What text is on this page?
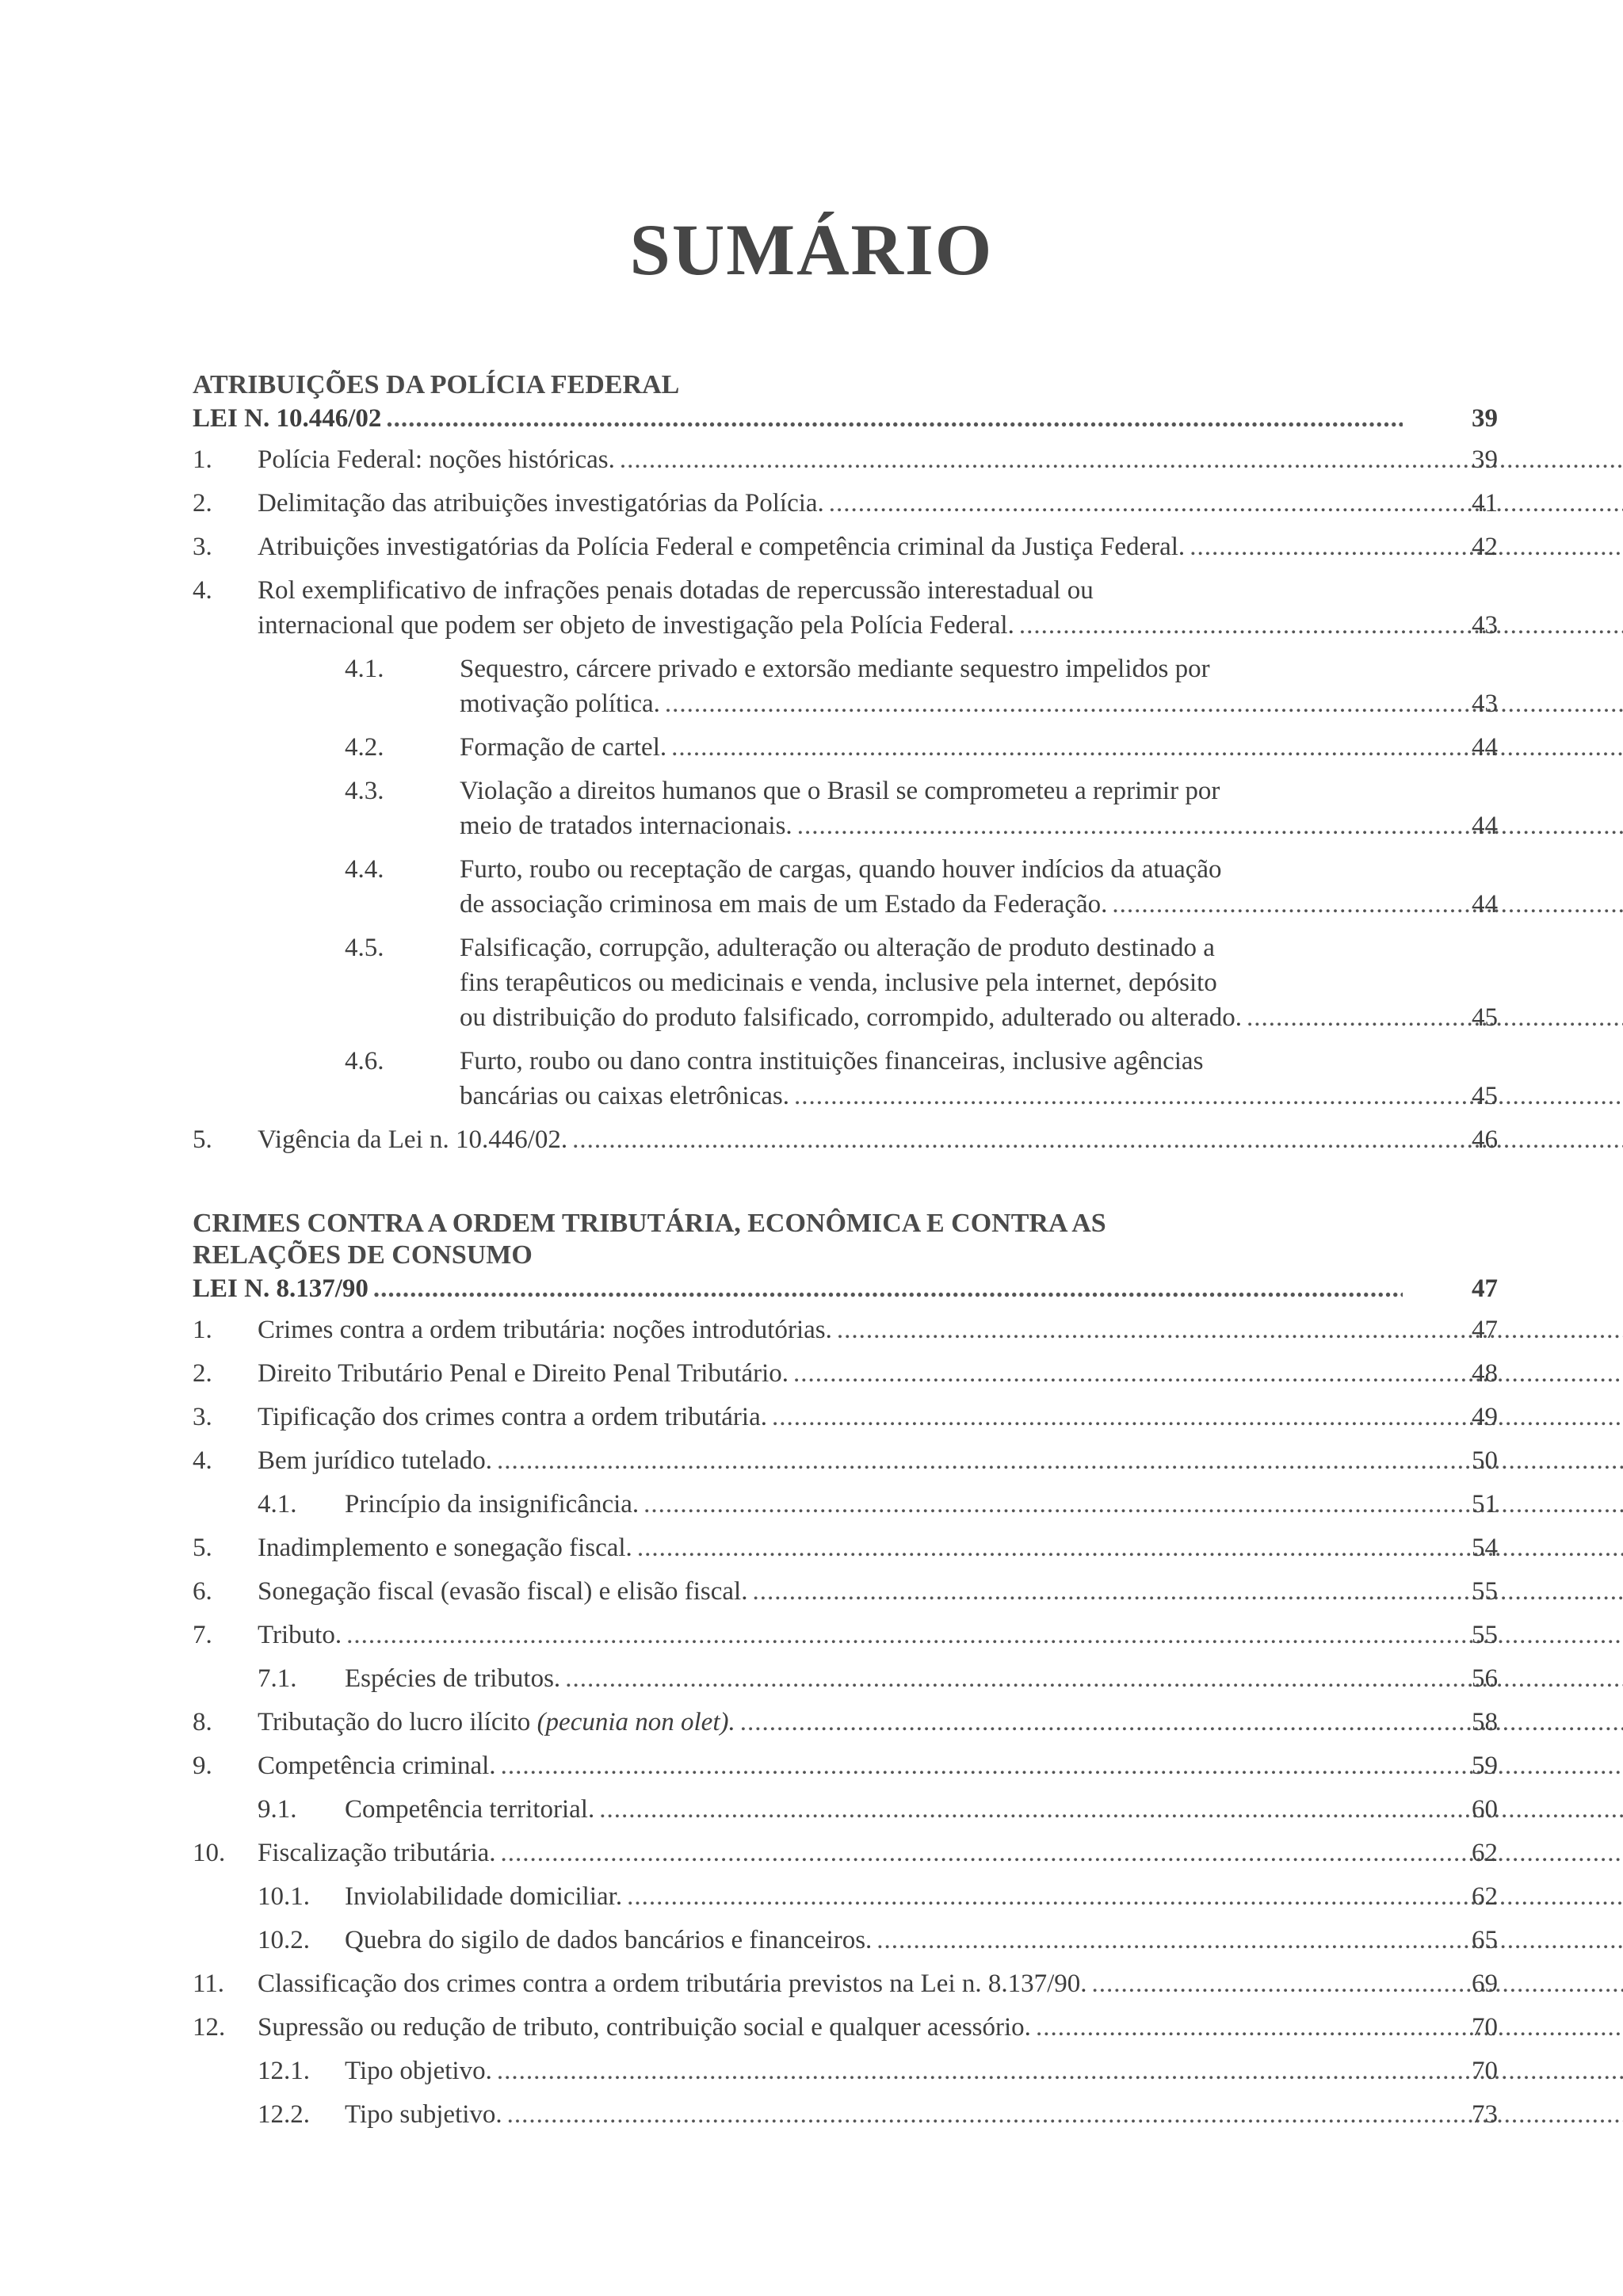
SUMÁRIO
ATRIBUIÇÕES DA POLÍCIA FEDERAL
LEI N. 10.446/02 .....	39
1. Polícia Federal: noções históricas. .....	39
2. Delimitação das atribuições investigatórias da Polícia. .....	41
3. Atribuições investigatórias da Polícia Federal e competência criminal da Justiça Federal. .....	42
4. Rol exemplificativo de infrações penais dotadas de repercussão interestadual ou
internacional que podem ser objeto de investigação pela Polícia Federal. .....	43
4.1.	Sequestro, cárcere privado e extorsão mediante sequestro impelidos por
motivação política. .....	43
4.2.	Formação de cartel. .....	44
4.3.	Violação a direitos humanos que o Brasil se comprometeu a reprimir por
meio de tratados internacionais. .....	44
4.4.	Furto, roubo ou receptação de cargas, quando houver indícios da atuação
de associação criminosa em mais de um Estado da Federação. .....	44
4.5.	Falsificação, corrupção, adulteração ou alteração de produto destinado a
fins terapêuticos ou medicinais e venda, inclusive pela internet, depósito
ou distribuição do produto falsificado, corrompido, adulterado ou alterado. .....	45
4.6.	Furto, roubo ou dano contra instituições financeiras, inclusive agências
bancárias ou caixas eletrônicas. .....	45
5. Vigência da Lei n. 10.446/02. .....	46
CRIMES CONTRA A ORDEM TRIBUTÁRIA, ECONÔMICA E CONTRA AS
RELAÇÕES DE CONSUMO
LEI N. 8.137/90 .....	47
1. Crimes contra a ordem tributária: noções introdutórias. .....	47
2. Direito Tributário Penal e Direito Penal Tributário. .....	48
3. Tipificação dos crimes contra a ordem tributária. .....	49
4. Bem jurídico tutelado. .....	50
4.1. Princípio da insignificância. .....	51
5. Inadimplemento e sonegação fiscal. .....	54
6. Sonegação fiscal (evasão fiscal) e elisão fiscal. .....	55
7. Tributo. .....	55
7.1. Espécies de tributos. .....	56
8. Tributação do lucro ilícito (pecunia non olet). .....	58
9. Competência criminal. .....	59
9.1. Competência territorial. .....	60
10. Fiscalização tributária. .....	62
10.1. Inviolabilidade domiciliar. .....	62
10.2. Quebra do sigilo de dados bancários e financeiros. .....	65
11. Classificação dos crimes contra a ordem tributária previstos na Lei n. 8.137/90. .....	69
12. Supressão ou redução de tributo, contribuição social e qualquer acessório. .....	70
12.1. Tipo objetivo. .....	70
12.2. Tipo subjetivo. .....	73
